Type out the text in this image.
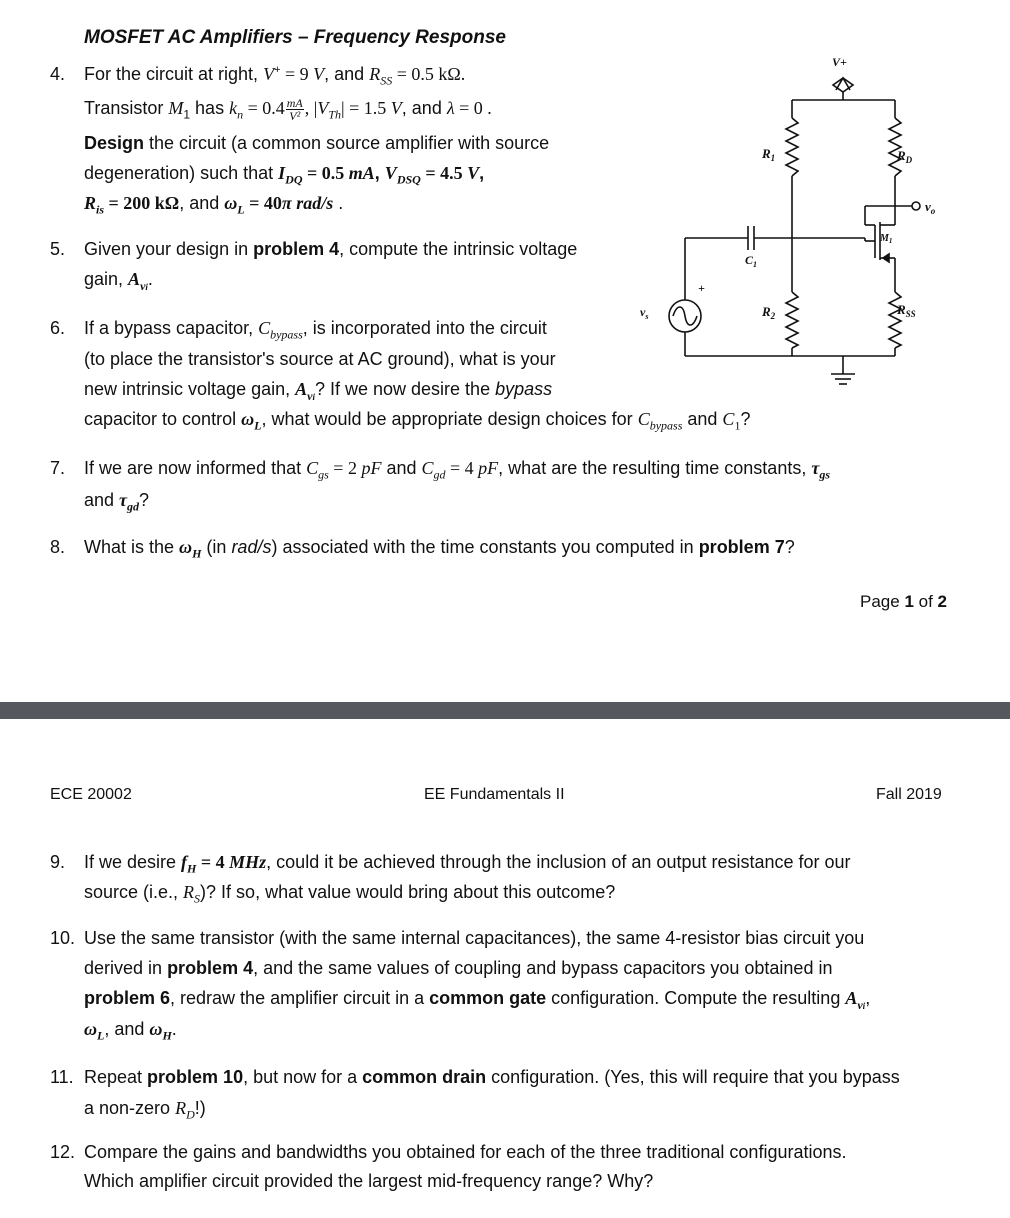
MOSFET AC Amplifiers – Frequency Response
4. For the circuit at right, V+ = 9 V, and $R_{SS} = 0.5$ kΩ.
Transistor $M_1$ has $k_n = 0.4 \frac{mA}{\text{V²}}$ , $|V_{Th}| = 1.5$ V, and λ = 0 .
Design the circuit (a common source amplifier with source
degeneration) such that $I_{DQ} = 0.5$ mA, $V_{DSQ} = 4.5$ V,
$R_{is} = 200$ kΩ, and $\omega_L = 40\pi$ rad/s .
5. Given your design in problem 4, compute the intrinsic voltage
gain, $A_{vi}$.
6. If a bypass capacitor, $C_{bypass}$, is incorporated into the circuit
(to place the transistor's source at AC ground), what is your
new intrinsic voltage gain, $A_{vi}$? If we now desire the bypass
capacitor to control $\omega_L$, what would be appropriate design choices for $C_{bypass}$ and $C_1$?
7. If we are now informed that $C_{gs} = 2$ pF and $C_{gd} = 4$ pF, what are the resulting time constants, $\tau_{gs}$
and $\tau_{gd}$?
8. What is the $\omega_H$ (in rad/s) associated with the time constants you computed in problem 7?
Page 1 of 2
ECE 20002	EE Fundamentals II	Fall 2019
9. If we desire $f_H = 4$ MHz, could it be achieved through the inclusion of an output resistance for our
source (i.e., $R_S$)? If so, what value would bring about this outcome?
10. Use the same transistor (with the same internal capacitances), the same 4-resistor bias circuit you
derived in problem 4, and the same values of coupling and bypass capacitors you obtained in
problem 6, redraw the amplifier circuit in a common gate configuration. Compute the resulting $A_{vi}$,
$\omega_L$, and $\omega_H$.
11. Repeat problem 10, but now for a common drain configuration. (Yes, this will require that you bypass
a non-zero $R_D$!)
12. Compare the gains and bandwidths you obtained for each of the three traditional configurations.
Which amplifier circuit provided the largest mid-frequency range? Why?
V+
$R_1$	$R_D$
$v_o$
$M_1$
$C_1$
+
$v_s$	$R_2$	$R_{SS}$
